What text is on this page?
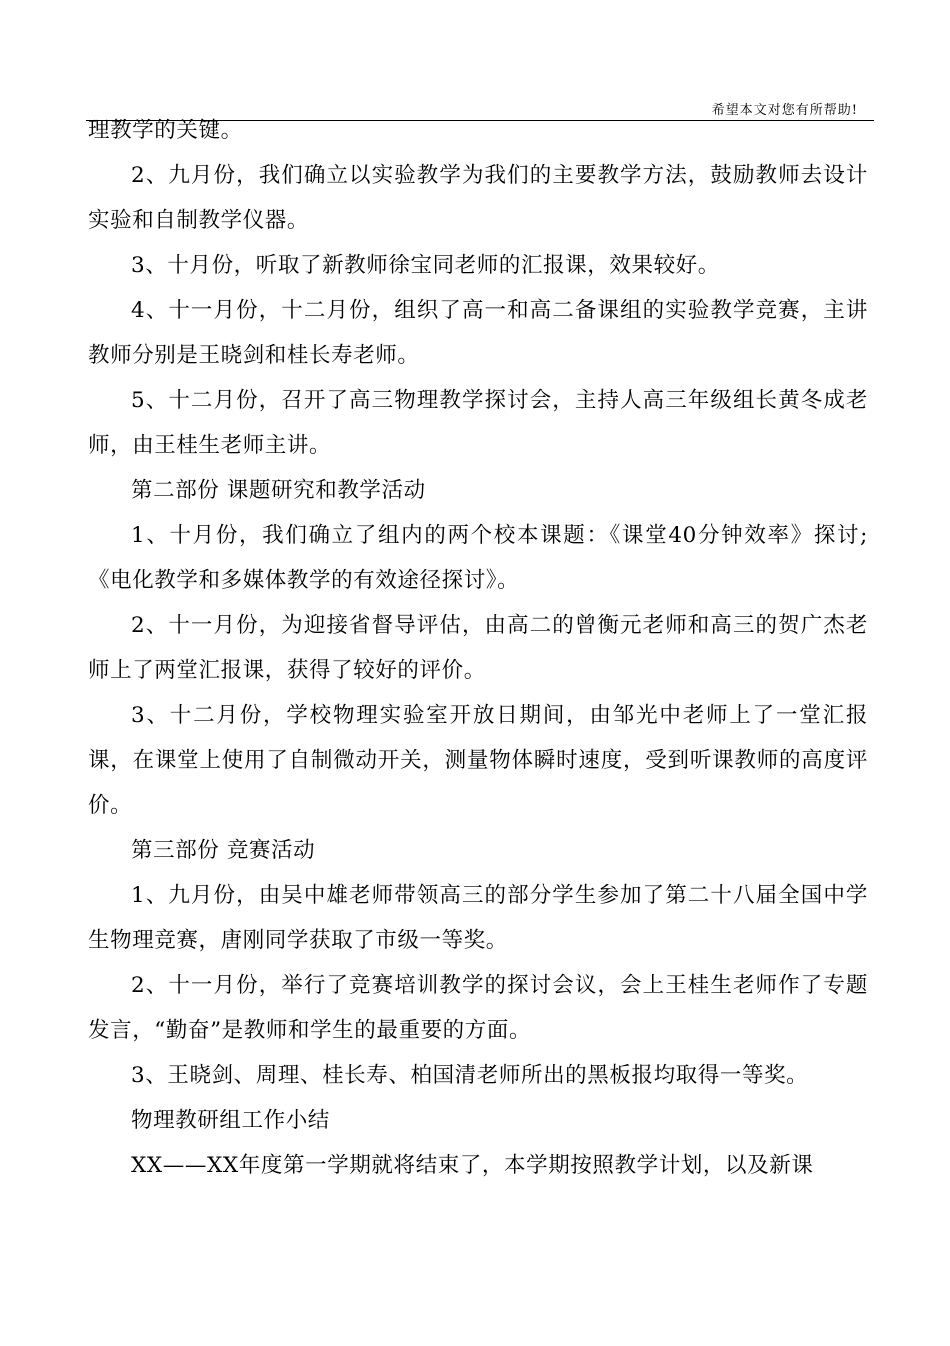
希望本文对您有所帮助!

理教学的关键。

2、九月份，我们确立以实验教学为我们的主要教学方法，鼓励教师去设计实验和自制教学仪器。

3、十月份，听取了新教师徐宝同老师的汇报课，效果较好。

4、十一月份，十二月份，组织了高一和高二备课组的实验教学竞赛，主讲教师分别是王晓剑和桂长寿老师。

5、十二月份，召开了高三物理教学探讨会，主持人高三年级组长黄冬成老师，由王桂生老师主讲。

第二部份 课题研究和教学活动

1、十月份，我们确立了组内的两个校本课题：《课堂40分钟效率》探讨;《电化教学和多媒体教学的有效途径探讨》。

2、十一月份，为迎接省督导评估，由高二的曾衡元老师和高三的贺广杰老师上了两堂汇报课，获得了较好的评价。

3、十二月份，学校物理实验室开放日期间，由邹光中老师上了一堂汇报课，在课堂上使用了自制微动开关，测量物体瞬时速度，受到听课教师的高度评价。

第三部份 竞赛活动

1、九月份，由吴中雄老师带领高三的部分学生参加了第二十八届全国中学生物理竞赛，唐刚同学获取了市级一等奖。

2、十一月份，举行了竞赛培训教学的探讨会议，会上王桂生老师作了专题发言，“勤奋”是教师和学生的最重要的方面。

3、王晓剑、周理、桂长寿、柏国清老师所出的黑板报均取得一等奖。

物理教研组工作小结

XX——XX年度第一学期就将结束了，本学期按照教学计划，以及新课
